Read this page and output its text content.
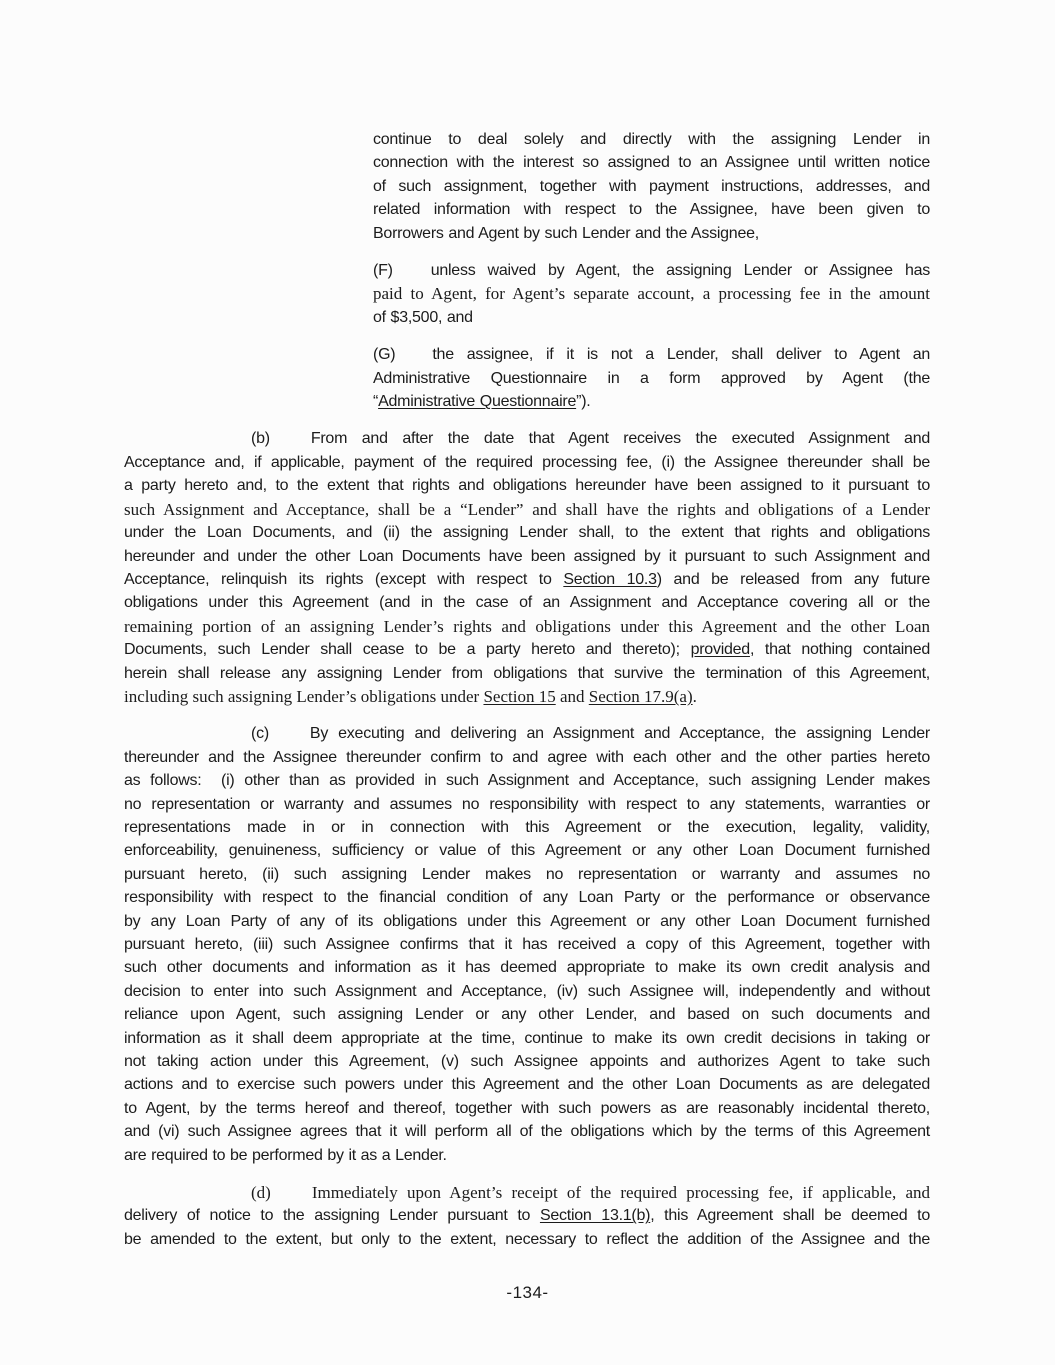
continue to deal solely and directly with the assigning Lender in
connection with the interest so assigned to an Assignee until written notice
of such assignment, together with payment instructions, addresses, and
related information with respect to the Assignee, have been given to
Borrowers and Agent by such Lender and the Assignee,
(F) unless waived by Agent, the assigning Lender or Assignee has
paid to Agent, for Agent’s separate account, a processing fee in the amount
of $3,500, and
(G) the assignee, if it is not a Lender, shall deliver to Agent an
Administrative Questionnaire in a form approved by Agent (the
“Administrative Questionnaire”).
(b)	From and after the date that Agent receives the executed Assignment and
Acceptance and, if applicable, payment of the required processing fee, (i) the Assignee thereunder shall be
a party hereto and, to the extent that rights and obligations hereunder have been assigned to it pursuant to
such Assignment and Acceptance, shall be a “Lender” and shall have the rights and obligations of a Lender
under the Loan Documents, and (ii) the assigning Lender shall, to the extent that rights and obligations
hereunder and under the other Loan Documents have been assigned by it pursuant to such Assignment and
Acceptance, relinquish its rights (except with respect to Section 10.3) and be released from any future
obligations under this Agreement (and in the case of an Assignment and Acceptance covering all or the
remaining portion of an assigning Lender’s rights and obligations under this Agreement and the other Loan
Documents, such Lender shall cease to be a party hereto and thereto); provided, that nothing contained
herein shall release any assigning Lender from obligations that survive the termination of this Agreement,
including such assigning Lender’s obligations under Section 15 and Section 17.9(a).
(c)	By executing and delivering an Assignment and Acceptance, the assigning Lender
thereunder and the Assignee thereunder confirm to and agree with each other and the other parties hereto
as follows:  (i) other than as provided in such Assignment and Acceptance, such assigning Lender makes
no representation or warranty and assumes no responsibility with respect to any statements, warranties or
representations made in or in connection with this Agreement or the execution, legality, validity,
enforceability, genuineness, sufficiency or value of this Agreement or any other Loan Document furnished
pursuant hereto, (ii) such assigning Lender makes no representation or warranty and assumes no
responsibility with respect to the financial condition of any Loan Party or the performance or observance
by any Loan Party of any of its obligations under this Agreement or any other Loan Document furnished
pursuant hereto, (iii) such Assignee confirms that it has received a copy of this Agreement, together with
such other documents and information as it has deemed appropriate to make its own credit analysis and
decision to enter into such Assignment and Acceptance, (iv) such Assignee will, independently and without
reliance upon Agent, such assigning Lender or any other Lender, and based on such documents and
information as it shall deem appropriate at the time, continue to make its own credit decisions in taking or
not taking action under this Agreement, (v) such Assignee appoints and authorizes Agent to take such
actions and to exercise such powers under this Agreement and the other Loan Documents as are delegated
to Agent, by the terms hereof and thereof, together with such powers as are reasonably incidental thereto,
and (vi) such Assignee agrees that it will perform all of the obligations which by the terms of this Agreement
are required to be performed by it as a Lender.
(d) Immediately upon Agent’s receipt of the required processing fee, if applicable, and
delivery of notice to the assigning Lender pursuant to Section 13.1(b), this Agreement shall be deemed to
be amended to the extent, but only to the extent, necessary to reflect the addition of the Assignee and the
-134-
